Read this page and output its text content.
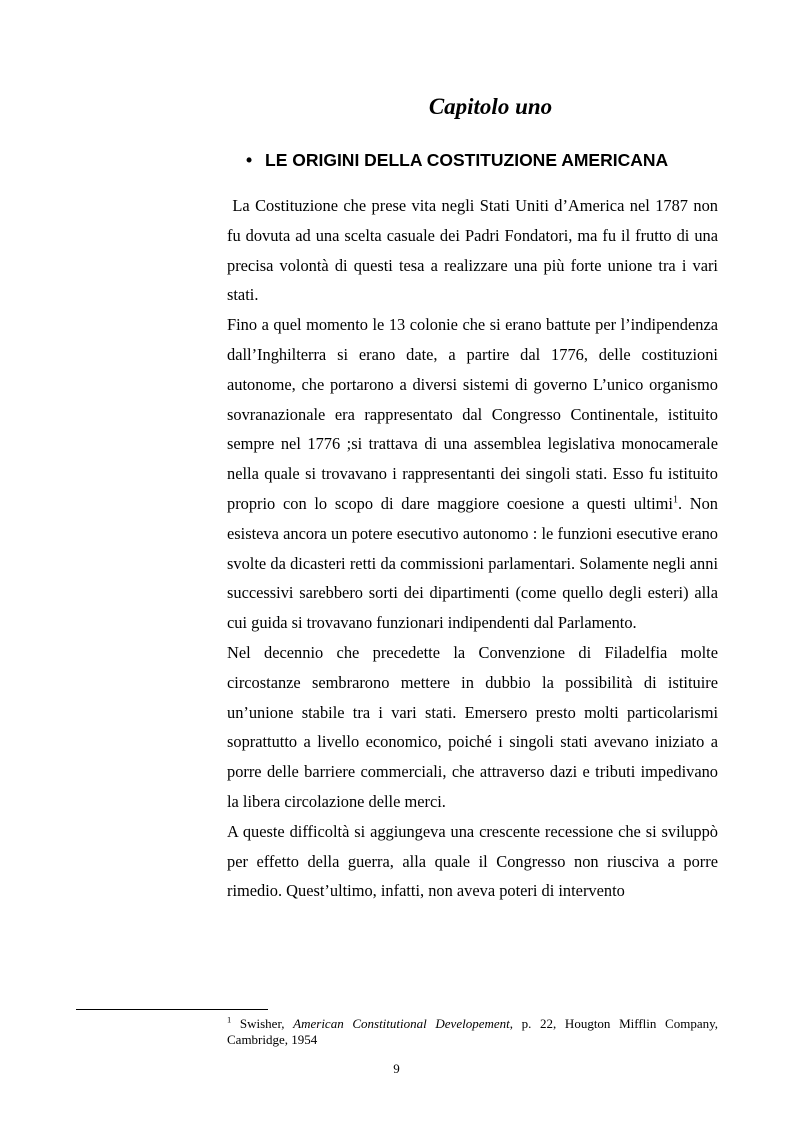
Capitolo uno
• LE ORIGINI DELLA COSTITUZIONE AMERICANA

La Costituzione che prese vita negli Stati Uniti d’America nel 1787 non fu dovuta ad una scelta casuale dei Padri Fondatori, ma fu il frutto di una precisa volontà di questi tesa a realizzare una più forte unione tra i vari stati.

Fino a quel momento le 13 colonie che si erano battute per l’indipendenza dall’Inghilterra si erano date, a partire dal 1776, delle costituzioni autonome, che portarono a diversi sistemi di governo L’unico organismo sovranazionale era rappresentato dal Congresso Continentale, istituito sempre nel 1776 ;si trattava di una assemblea legislativa monocamerale nella quale si trovavano i rappresentanti dei singoli stati. Esso fu istituito proprio con lo scopo di dare maggiore coesione a questi ultimi$^1$. Non esisteva ancora un potere esecutivo autonomo : le funzioni esecutive erano svolte da dicasteri retti da commissioni parlamentari. Solamente negli anni successivi sarebbero sorti dei dipartimenti (come quello degli esteri) alla cui guida si trovavano funzionari indipendenti dal Parlamento.

Nel decennio che precedette la Convenzione di Filadelfia molte circostanze sembrarono mettere in dubbio la possibilità di istituire un’unione stabile tra i vari stati. Emersero presto molti particolarismi soprattutto a livello economico, poiché i singoli stati avevano iniziato a porre delle barriere commerciali, che attraverso dazi e tributi impedivano la libera circolazione delle merci.

A queste difficoltà si aggiungeva una crescente recessione che si sviluppò per effetto della guerra, alla quale il Congresso non riusciva a porre rimedio. Quest’ultimo, infatti, non aveva poteri di intervento

$^1$ Swisher, American Constitutional Developement, p. 22, Hougton Mifflin Company, Cambridge, 1954
9
